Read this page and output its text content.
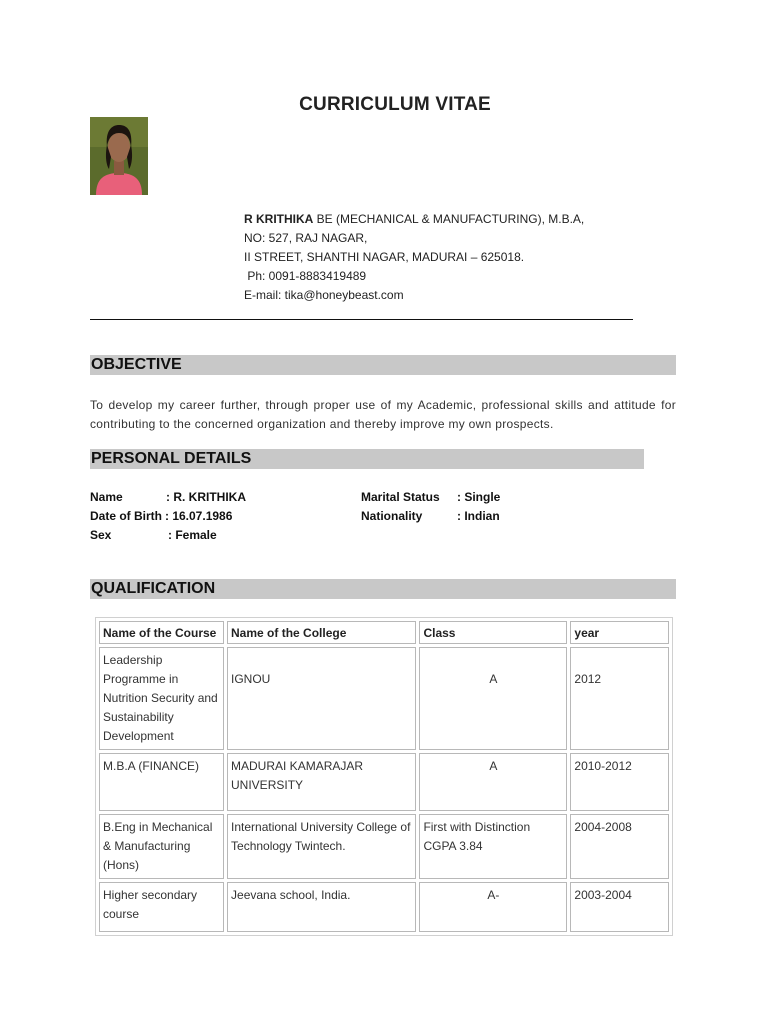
CURRICULUM VITAE
R KRITHIKA BE (MECHANICAL & MANUFACTURING), M.B.A,
NO: 527, RAJ NAGAR,
II STREET, SHANTHI NAGAR, MADURAI – 625018.
Ph: 0091-8883419489
E-mail: tika@honeybeast.com
OBJECTIVE
To develop my career further, through proper use of my Academic, professional skills and attitude for contributing to the concerned organization and thereby improve my own prospects.
PERSONAL DETAILS
Name	: R. KRITHIKA
Date of Birth : 16.07.1986
Sex	: Female
Marital Status : Single
Nationality	: Indian
QUALIFICATION
Name of the Course	Name of the College	Class	year
Leadership Programme in Nutrition Security and Sustainability Development	IGNOU	A	2012
M.B.A (FINANCE)	MADURAI KAMARAJAR UNIVERSITY	A	2010-2012
B.Eng in Mechanical & Manufacturing (Hons)	International University College of Technology Twintech.	First with Distinction CGPA 3.84	2004-2008
Higher secondary course	Jeevana school, India.	A-	2003-2004
